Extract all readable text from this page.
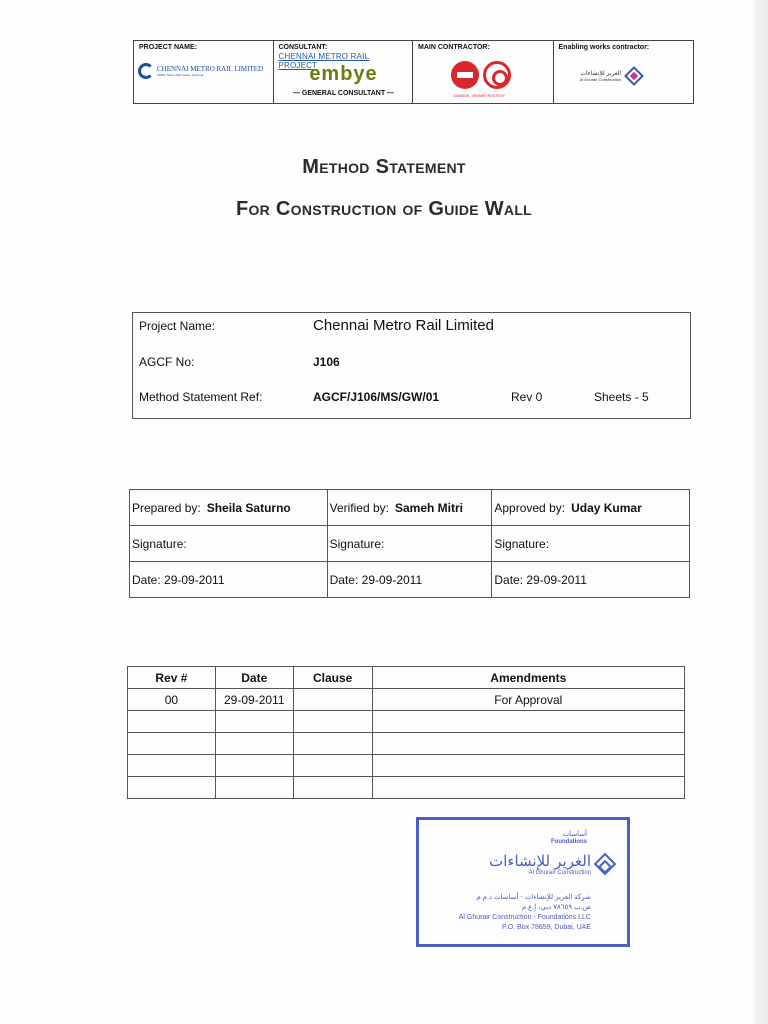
PROJECT NAME:
CHENNAI METRO RAIL LIMITED
CMRL, Metro Rail House, Chennai
CONSULTANT:
CHENNAI METRO RAIL PROJECT
embye
— GENERAL CONSULTANT —
MAIN CONTRACTOR:
GAMMON - MOSMETROSTROY
Enabling works contractor:
الغرير للإنشاءات
Al Ghurair Construction
Method Statement
For Construction of Guide Wall
Project Name:	Chennai Metro Rail Limited
AGCF No:	J106
Method Statement Ref:	AGCF/J106/MS/GW/01	Rev 0	Sheets - 5
Prepared by: Sheila Saturno	Verified by: Sameh Mitri	Approved by: Uday Kumar
Signature:	Signature:	Signature:
Date: 29-09-2011	Date: 29-09-2011	Date: 29-09-2011
Rev #	Date	Clause	Amendments
00	29-09-2011		For Approval

أساسات
Foundations
الغرير للإنشاءات
Al Ghurair Construction
شركة الغرير للإنشاءات - أساسات ذ.م.م
ص.ب ٧٨٦٥٩ دبي، إ.ع.م
Al Ghurair Construction - Foundations LLC
P.O. Box 78659, Dubai, UAE
